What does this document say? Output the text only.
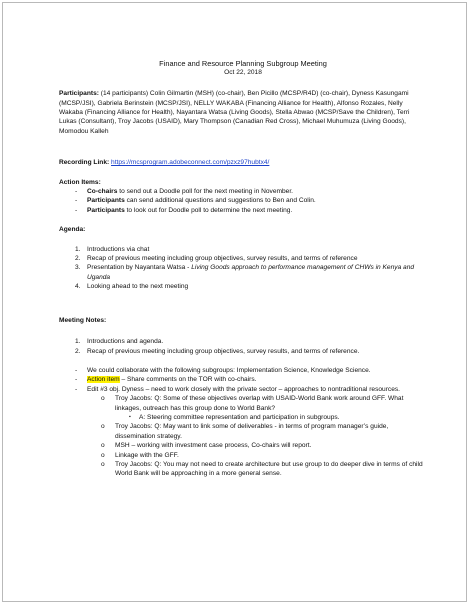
Finance and Resource Planning Subgroup Meeting
Oct 22, 2018
Participants: (14 participants) Colin Gilmartin (MSH) (co-chair), Ben Picillo (MCSP/R4D) (co-chair), Dyness Kasungami (MCSP/JSI), Gabriela Berinstein (MCSP/JSI), NELLY WAKABA (Financing Alliance for Health), Alfonso Rozales, Nelly Wakaba (Financing Alliance for Health), Nayantara Watsa (Living Goods), Stella Abwao (MCSP/Save the Children), Terri Lukas (Consultant), Troy Jacobs (USAID), Mary Thompson (Canadian Red Cross), Michael Muhumuza (Living Goods), Momodou Kalleh
Recording Link: https://mcsprogram.adobeconnect.com/pzxz97hubtx4/
Action Items:
- Co-chairs to send out a Doodle poll for the next meeting in November.
- Participants can send additional questions and suggestions to Ben and Colin.
- Participants to look out for Doodle poll to determine the next meeting.
Agenda:
1. Introductions via chat
2. Recap of previous meeting including group objectives, survey results, and terms of reference
3. Presentation by Nayantara Watsa - Living Goods approach to performance management of CHWs in Kenya and Uganda
4. Looking ahead to the next meeting
Meeting Notes:
1. Introductions and agenda.
2. Recap of previous meeting including group objectives, survey results, and terms of reference.
- We could collaborate with the following subgroups: Implementation Science, Knowledge Science.
- Action item – Share comments on the TOR with co-chairs.
- Edit #3 obj. Dyness – need to work closely with the private sector – approaches to nontraditional resources.
o Troy Jacobs: Q: Some of these objectives overlap with USAID-World Bank work around GFF. What linkages, outreach has this group done to World Bank?
▪ A: Steering committee representation and participation in subgroups.
o Troy Jacobs: Q: May want to link some of deliverables - in terms of program manager’s guide, dissemination strategy.
o MSH – working with investment case process, Co-chairs will report.
o Linkage with the GFF.
o Troy Jacobs: Q: You may not need to create architecture but use group to do deeper dive in terms of child World Bank will be approaching in a more general sense.
